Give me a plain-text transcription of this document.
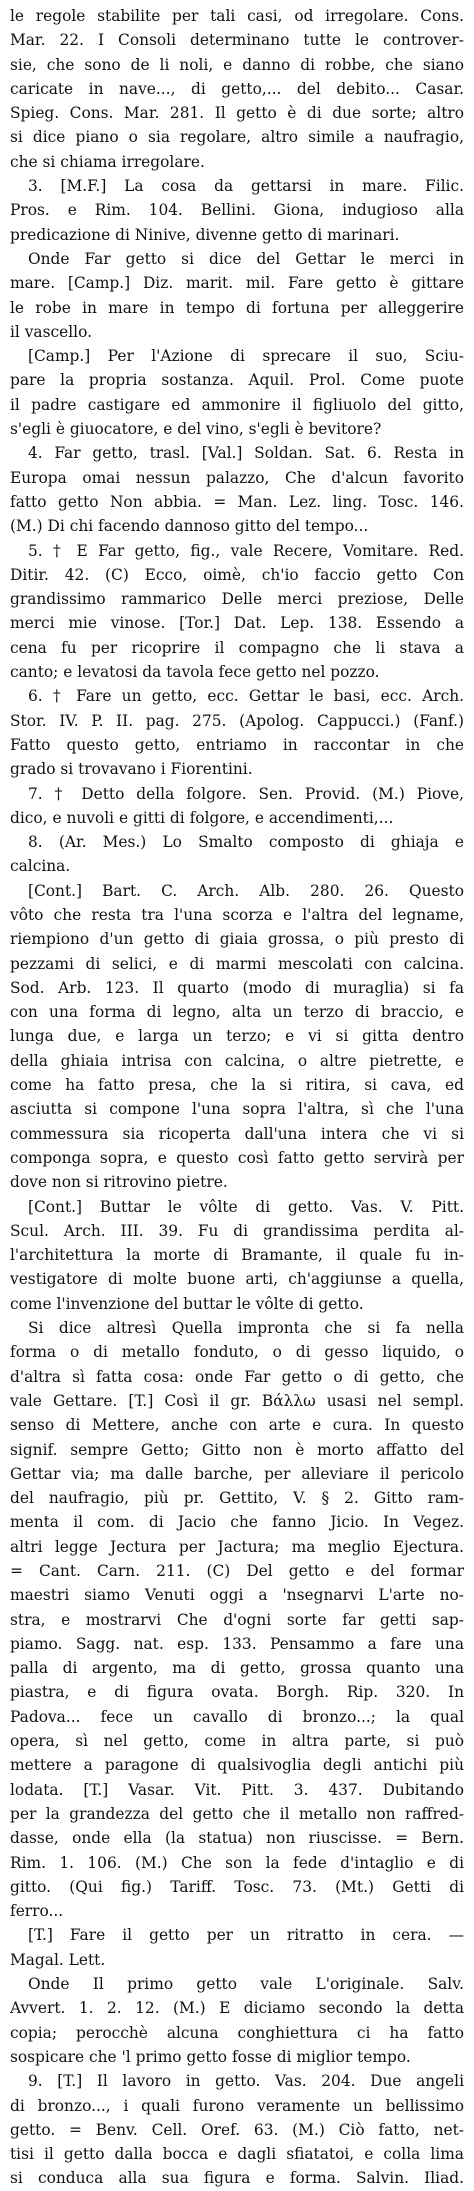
le regole stabilite per tali casi, od irregolare. Cons.
Mar. 22. I Consoli determinano tutte le controver-
sie, che sono de li noli, e danno di robbe, che siano
caricate in nave..., di getto,... del debito... Casar.
Spieg. Cons. Mar. 281. Il getto è di due sorte; altro
si dice piano o sia regolare, altro simile a naufragio,
che si chiama irregolare.
3. [M.F.] La cosa da gettarsi in mare. Filic.
Pros. e Rim. 104. Bellini. Giona, indugioso alla
predicazione di Ninive, divenne getto di marinari.
Onde Far getto si dice del Gettar le merci in
mare. [Camp.] Diz. marit. mil. Fare getto è gittare
le robe in mare in tempo di fortuna per alleggerire
il vascello.
[Camp.] Per l'Azione di sprecare il suo, Sciu-
pare la propria sostanza. Aquil. Prol. Come puote
il padre castigare ed ammonire il figliuolo del gitto,
s'egli è giuocatore, e del vino, s'egli è bevitore?
4. Far getto, trasl. [Val.] Soldan. Sat. 6. Resta in
Europa omai nessun palazzo, Che d'alcun favorito
fatto getto Non abbia. = Man. Lez. ling. Tosc. 146.
(M.) Di chi facendo dannoso gitto del tempo...
5. † E Far getto, fig., vale Recere, Vomitare. Red.
Ditir. 42. (C) Ecco, oimè, ch'io faccio getto Con
grandissimo rammarico Delle merci preziose, Delle
merci mie vinose. [Tor.] Dat. Lep. 138. Essendo a
cena fu per ricoprire il compagno che li stava a
canto; e levatosi da tavola fece getto nel pozzo.
6. † Fare un getto, ecc. Gettar le basi, ecc. Arch.
Stor. IV. P. II. pag. 275. (Apolog. Cappucci.) (Fanf.)
Fatto questo getto, entriamo in raccontar in che
grado si trovavano i Fiorentini.
7. † Detto della folgore. Sen. Provid. (M.) Piove,
dico, e nuvoli e gitti di folgore, e accendimenti,...
8. (Ar. Mes.) Lo Smalto composto di ghiaja e
calcina.
[Cont.] Bart. C. Arch. Alb. 280. 26. Questo
vôto che resta tra l'una scorza e l'altra del legname,
riempiono d'un getto di giaia grossa, o più presto di
pezzami di selici, e di marmi mescolati con calcina.
Sod. Arb. 123. Il quarto (modo di muraglia) si fa
con una forma di legno, alta un terzo di braccio, e
lunga due, e larga un terzo; e vi si gitta dentro
della ghiaia intrisa con calcina, o altre pietrette, e
come ha fatto presa, che la si ritira, si cava, ed
asciutta si compone l'una sopra l'altra, sì che l'una
commessura sia ricoperta dall'una intera che vi si
componga sopra, e questo così fatto getto servirà per
dove non si ritrovino pietre.
[Cont.] Buttar le vôlte di getto. Vas. V. Pitt.
Scul. Arch. III. 39. Fu di grandissima perdita al-
l'architettura la morte di Bramante, il quale fu in-
vestigatore di molte buone arti, ch'aggiunse a quella,
come l'invenzione del buttar le vôlte di getto.
Si dice altresì Quella impronta che si fa nella
forma o di metallo fonduto, o di gesso liquido, o
d'altra sì fatta cosa: onde Far getto o di getto, che
vale Gettare. [T.] Così il gr. Βάλλω usasi nel sempl.
senso di Mettere, anche con arte e cura. In questo
signif. sempre Getto; Gitto non è morto affatto del
Gettar via; ma dalle barche, per alleviare il pericolo
del naufragio, più pr. Gettito, V. § 2. Gitto ram-
menta il com. di Jacio che fanno Jicio. In Vegez.
altri legge Jectura per Jactura; ma meglio Ejectura.
= Cant. Carn. 211. (C) Del getto e del formar
maestri siamo Venuti oggi a 'nsegnarvi L'arte no-
stra, e mostrarvi Che d'ogni sorte far getti sap-
piamo. Sagg. nat. esp. 133. Pensammo a fare una
palla di argento, ma di getto, grossa quanto una
piastra, e di figura ovata. Borgh. Rip. 320. In
Padova... fece un cavallo di bronzo...; la qual
opera, sì nel getto, come in altra parte, si può
mettere a paragone di qualsivoglia degli antichi più
lodata. [T.] Vasar. Vit. Pitt. 3. 437. Dubitando
per la grandezza del getto che il metallo non raffred-
dasse, onde ella (la statua) non riuscisse. = Bern.
Rim. 1. 106. (M.) Che son la fede d'intaglio e di
gitto. (Qui fig.) Tariff. Tosc. 73. (Mt.) Getti di
ferro...
[T.] Fare il getto per un ritratto in cera. —
Magal. Lett.
Onde Il primo getto vale L'originale. Salv.
Avvert. 1. 2. 12. (M.) E diciamo secondo la detta
copia; perocchè alcuna conghiettura ci ha fatto
sospicare che 'l primo getto fosse di miglior tempo.
9. [T.] Il lavoro in getto. Vas. 204. Due angeli
di bronzo..., i quali furono veramente un bellissimo
getto. = Benv. Cell. Oref. 63. (M.) Ciò fatto, net-
tisi il getto dalla bocca e dagli sfiatatoi, e colla lima
si conduca alla sua figura e forma. Salvin. Iliad.
